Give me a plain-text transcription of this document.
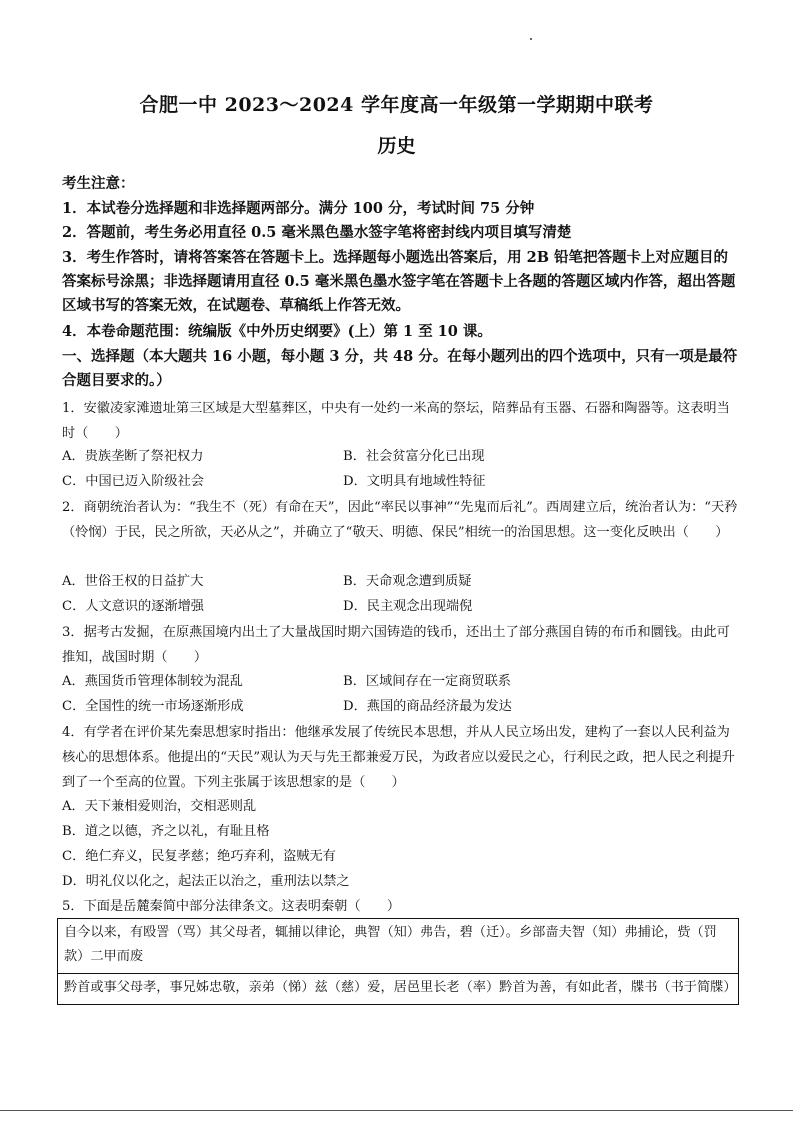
合肥一中 2023～2024 学年度高一年级第一学期期中联考
历史
考生注意：
1．本试卷分选择题和非选择题两部分。满分 100 分，考试时间 75 分钟
2．答题前，考生务必用直径 0.5 毫米黑色墨水签字笔将密封线内项目填写清楚
3．考生作答时，请将答案答在答题卡上。选择题每小题选出答案后，用 2B 铅笔把答题卡上对应题目的答案标号涂黑；非选择题请用直径 0.5 毫米黑色墨水签字笔在答题卡上各题的答题区域内作答，超出答题区域书写的答案无效，在试题卷、草稿纸上作答无效。
4．本卷命题范围：统编版《中外历史纲要》(上）第 1 至 10 课。
一、选择题（本大题共 16 小题，每小题 3 分，共 48 分。在每小题列出的四个选项中，只有一项是最符合题目要求的。）
1．安徽凌家滩遗址第三区域是大型墓葬区，中央有一处约一米高的祭坛，陪葬品有玉器、石器和陶器等。这表明当时（　　）
A．贵族垄断了祭祀权力	B．社会贫富分化已出现
C．中国已迈入阶级社会	D．文明具有地域性特征
2．商朝统治者认为：“我生不（死）有命在天”，因此“率民以事神”“先鬼而后礼”。西周建立后，统治者认为：“天矜（怜悯）于民，民之所欲，天必从之”，并确立了“敬天、明德、保民”相统一的治国思想。这一变化反映出（　　）
A．世俗王权的日益扩大	B．天命观念遭到质疑
C．人文意识的逐渐增强	D．民主观念出现端倪
3．据考古发掘，在原燕国境内出土了大量战国时期六国铸造的钱币，还出土了部分燕国自铸的布币和圜钱。由此可推知，战国时期（　　）
A．燕国货币管理体制较为混乱	B．区域间存在一定商贸联系
C．全国性的统一市场逐渐形成	D．燕国的商品经济最为发达
4．有学者在评价某先秦思想家时指出：他继承发展了传统民本思想，并从人民立场出发，建构了一套以人民利益为核心的思想体系。他提出的“天民”观认为天与先王都兼爱万民，为政者应以爱民之心，行利民之政，把人民之利提升到了一个至高的位置。下列主张属于该思想家的是（　　）
A．天下兼相爱则治，交相恶则乱
B．道之以德，齐之以礼，有耻且格
C．绝仁弃义，民复孝慈；绝巧弃利，盗贼无有
D．明礼仪以化之，起法正以治之，重刑法以禁之
5．下面是岳麓秦简中部分法律条文。这表明秦朝（　　）
自今以来，有殴詈（骂）其父母者，辄捕以律论，典智（知）弗告，碧（迁）。乡部啬夫智（知）弗捕论，赀（罚款）二甲而废
黔首或事父母孝，事兄姊忠敬，亲弟（悌）兹（慈）爱，居邑里长老（率）黔首为善，有如此者，牒书（书于简牒）
